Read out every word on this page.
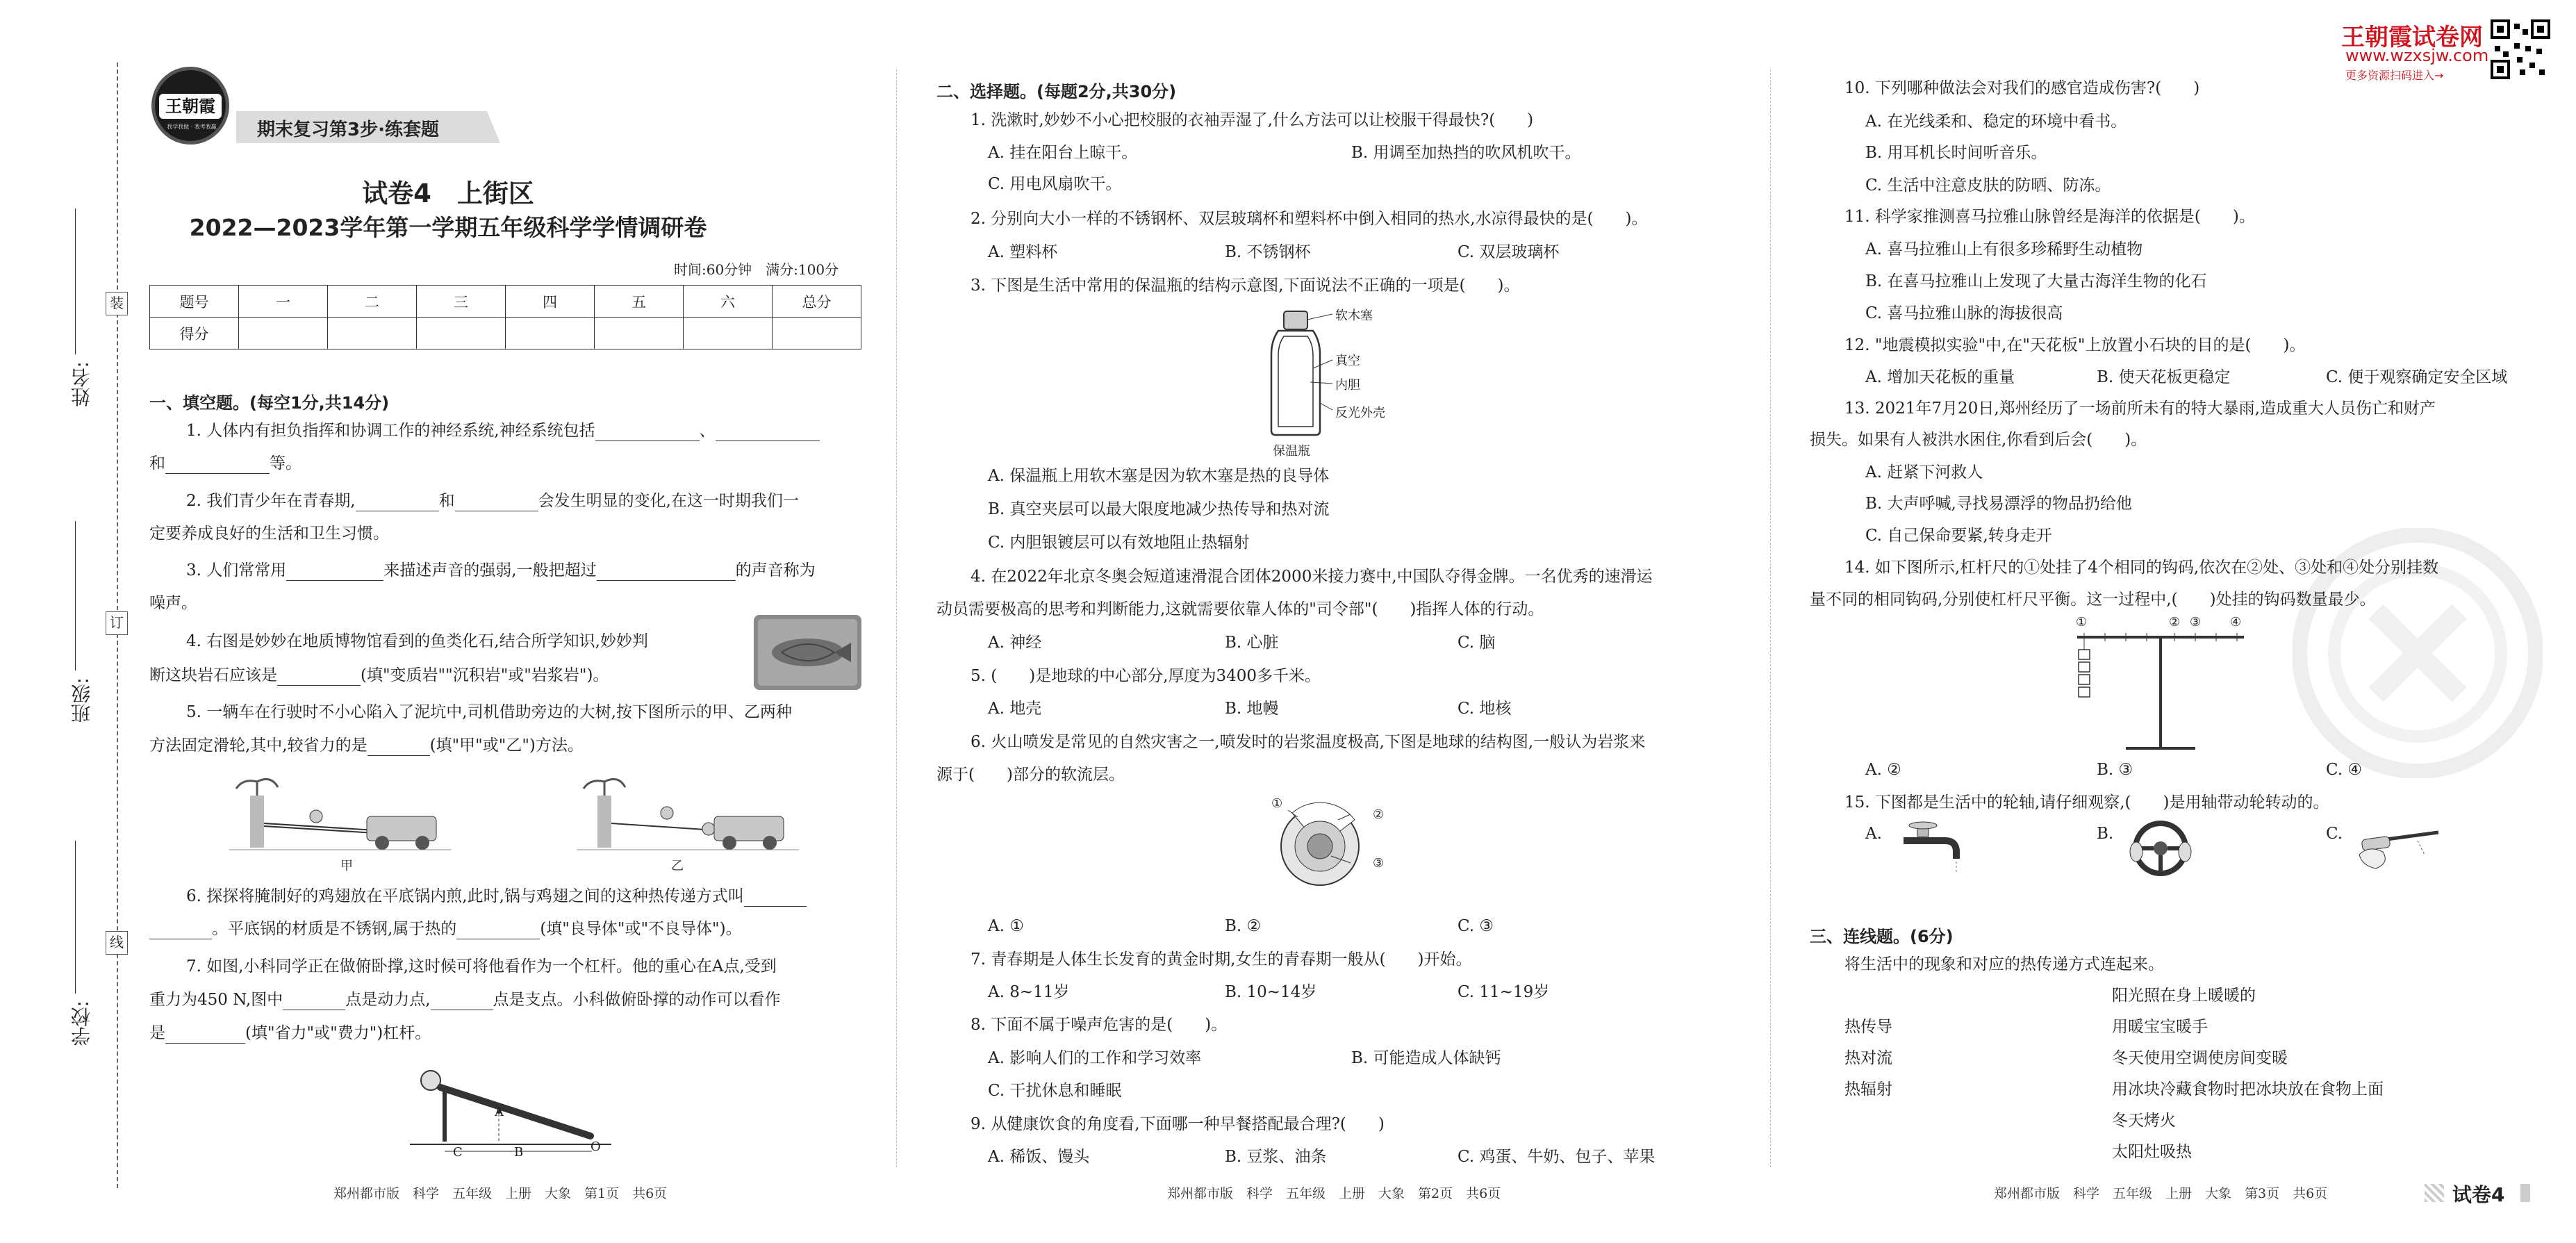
装
订
线
姓名:
班级:
学校:
王朝霞
我学我做 · 我考我赢	期末复习第3步·练套题
试卷4　上街区
2022—2023学年第一学期五年级科学学情调研卷
时间:60分钟　满分:100分
题号	一	二	三	四	五	六	总分
得分							
一、填空题。(每空1分,共14分)
1. 人体内有担负指挥和协调工作的神经系统,神经系统包括	、
和	等。
2. 我们青少年在青春期,	和	会发生明显的变化,在这一时期我们一
定要养成良好的生活和卫生习惯。
3. 人们常常用	来描述声音的强弱,一般把超过	的声音称为
噪声。
4. 右图是妙妙在地质博物馆看到的鱼类化石,结合所学知识,妙妙判
断这块岩石应该是	(填"变质岩""沉积岩"或"岩浆岩")。
5. 一辆车在行驶时不小心陷入了泥坑中,司机借助旁边的大树,按下图所示的甲、乙两种
方法固定滑轮,其中,较省力的是	(填"甲"或"乙")方法。
甲	乙
6. 探探将腌制好的鸡翅放在平底锅内煎,此时,锅与鸡翅之间的这种热传递方式叫
。平底锅的材质是不锈钢,属于热的	(填"良导体"或"不良导体")。
7. 如图,小科同学正在做俯卧撑,这时候可将他看作为一个杠杆。他的重心在A点,受到
重力为450 N,图中	点是动力点,	点是支点。小科做俯卧撑的动作可以看作
是	(填"省力"或"费力")杠杆。
A
C	B	O
郑州都市版　科学　五年级　上册　大象　第1页　共6页
二、选择题。(每题2分,共30分)
1. 洗漱时,妙妙不小心把校服的衣袖弄湿了,什么方法可以让校服干得最快?(　　)
A. 挂在阳台上晾干。	B. 用调至加热挡的吹风机吹干。
C. 用电风扇吹干。
2. 分别向大小一样的不锈钢杯、双层玻璃杯和塑料杯中倒入相同的热水,水凉得最快的是(　　)。
A. 塑料杯	B. 不锈钢杯	C. 双层玻璃杯
3. 下图是生活中常用的保温瓶的结构示意图,下面说法不正确的一项是(　　)。
软木塞
真空
内胆
反光外壳
保温瓶
A. 保温瓶上用软木塞是因为软木塞是热的良导体
B. 真空夹层可以最大限度地减少热传导和热对流
C. 内胆银镀层可以有效地阻止热辐射
4. 在2022年北京冬奥会短道速滑混合团体2000米接力赛中,中国队夺得金牌。一名优秀的速滑运
动员需要极高的思考和判断能力,这就需要依靠人体的"司令部"(　　)指挥人体的行动。
A. 神经	B. 心脏	C. 脑
5. (　　)是地球的中心部分,厚度为3400多千米。
A. 地壳	B. 地幔	C. 地核
6. 火山喷发是常见的自然灾害之一,喷发时的岩浆温度极高,下图是地球的结构图,一般认为岩浆来
源于(　　)部分的软流层。
①
②
③
A. ①	B. ②	C. ③
7. 青春期是人体生长发育的黄金时期,女生的青春期一般从(　　)开始。
A. 8~11岁	B. 10~14岁	C. 11~19岁
8. 下面不属于噪声危害的是(　　)。
A. 影响人们的工作和学习效率	B. 可能造成人体缺钙
C. 干扰休息和睡眠
9. 从健康饮食的角度看,下面哪一种早餐搭配最合理?(　　)
A. 稀饭、馒头	B. 豆浆、油条	C. 鸡蛋、牛奶、包子、苹果
郑州都市版　科学　五年级　上册　大象　第2页　共6页
王朝霞试卷网
www.wzxsjw.com
更多资源扫码进入→
10. 下列哪种做法会对我们的感官造成伤害?(　　)
A. 在光线柔和、稳定的环境中看书。
B. 用耳机长时间听音乐。
C. 生活中注意皮肤的防晒、防冻。
11. 科学家推测喜马拉雅山脉曾经是海洋的依据是(　　)。
A. 喜马拉雅山上有很多珍稀野生动植物
B. 在喜马拉雅山上发现了大量古海洋生物的化石
C. 喜马拉雅山脉的海拔很高
12. "地震模拟实验"中,在"天花板"上放置小石块的目的是(　　)。
A. 增加天花板的重量	B. 使天花板更稳定	C. 便于观察确定安全区域
13. 2021年7月20日,郑州经历了一场前所未有的特大暴雨,造成重大人员伤亡和财产
损失。如果有人被洪水困住,你看到后会(　　)。
A. 赶紧下河救人
B. 大声呼喊,寻找易漂浮的物品扔给他
C. 自己保命要紧,转身走开
14. 如下图所示,杠杆尺的①处挂了4个相同的钩码,依次在②处、③处和④处分别挂数
量不同的相同钩码,分别使杠杆尺平衡。这一过程中,(　　)处挂的钩码数量最少。
①	② ③ ④
A. ②	B. ③	C. ④
15. 下图都是生活中的轮轴,请仔细观察,(　　)是用轴带动轮转动的。
A.	B.	C.
三、连线题。(6分)
将生活中的现象和对应的热传递方式连起来。
阳光照在身上暖暖的
用暖宝宝暖手
冬天使用空调使房间变暖
用冰块冷藏食物时把冰块放在食物上面
冬天烤火
太阳灶吸热
热传导
热对流
热辐射
郑州都市版　科学　五年级　上册　大象　第3页　共6页	试卷4
